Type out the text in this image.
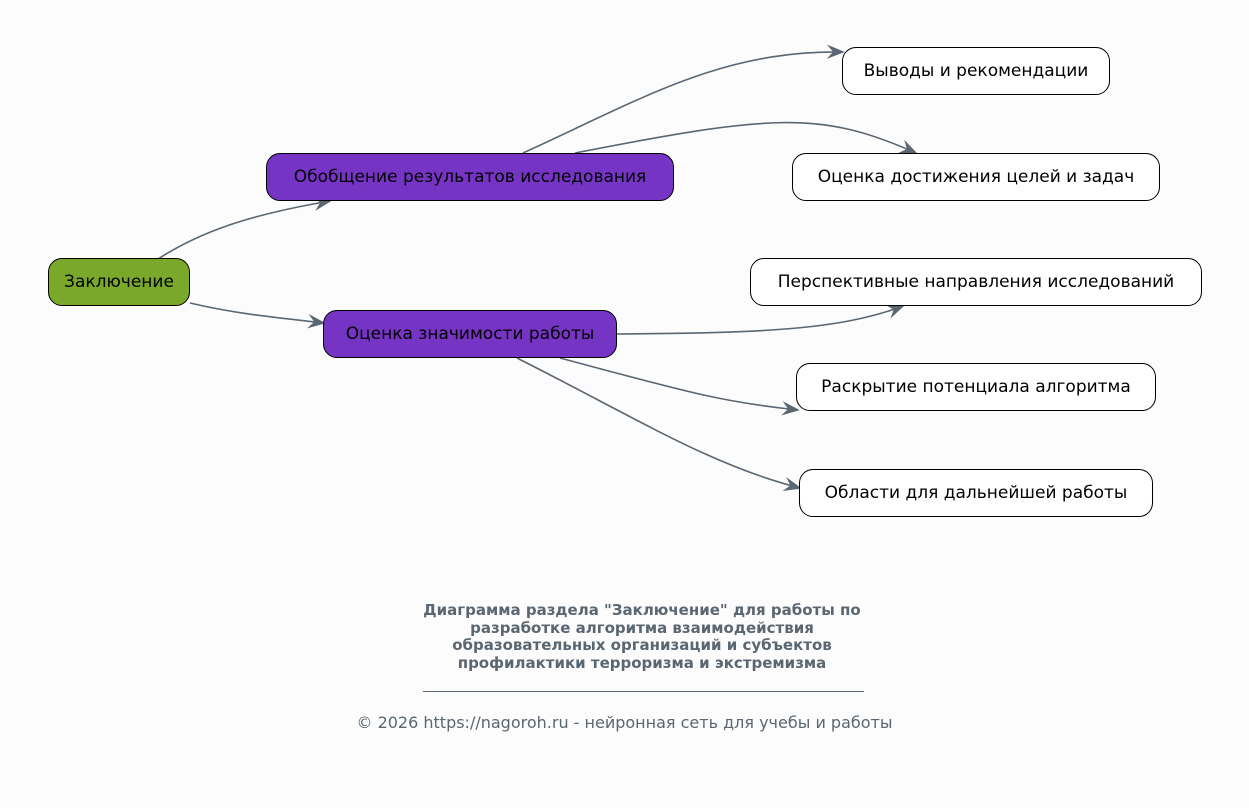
Заключение
Обобщение результатов исследования
Оценка значимости работы
Выводы и рекомендации
Оценка достижения целей и задач
Перспективные направления исследований
Раскрытие потенциала алгоритма
Области для дальнейшей работы
Диаграмма раздела "Заключение" для работы по
разработке алгоритма взаимодействия
образовательных организаций и субъектов
профилактики терроризма и экстремизма
© 2026 https://nagoroh.ru - нейронная сеть для учебы и работы
